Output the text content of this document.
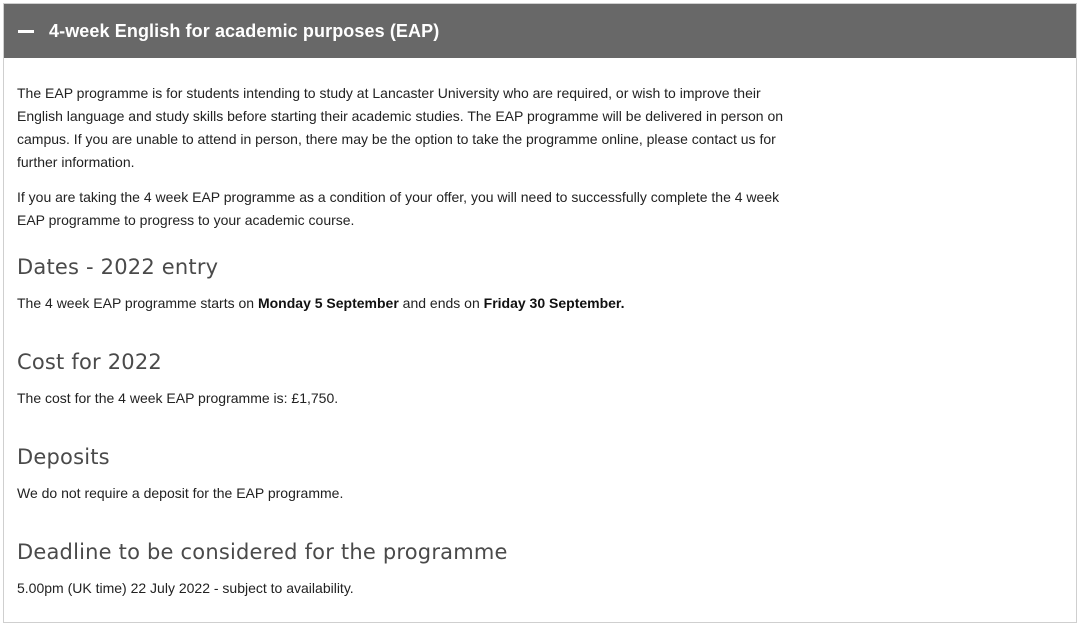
4-week English for academic purposes (EAP)

The EAP programme is for students intending to study at Lancaster University who are required, or wish to improve their English language and study skills before starting their academic studies. The EAP programme will be delivered in person on campus. If you are unable to attend in person, there may be the option to take the programme online, please contact us for further information.

If you are taking the 4 week EAP programme as a condition of your offer, you will need to successfully complete the 4 week EAP programme to progress to your academic course.

Dates - 2022 entry

The 4 week EAP programme starts on Monday 5 September and ends on Friday 30 September.

Cost for 2022

The cost for the 4 week EAP programme is: £1,750.

Deposits

We do not require a deposit for the EAP programme.

Deadline to be considered for the programme

5.00pm (UK time) 22 July 2022 - subject to availability.
